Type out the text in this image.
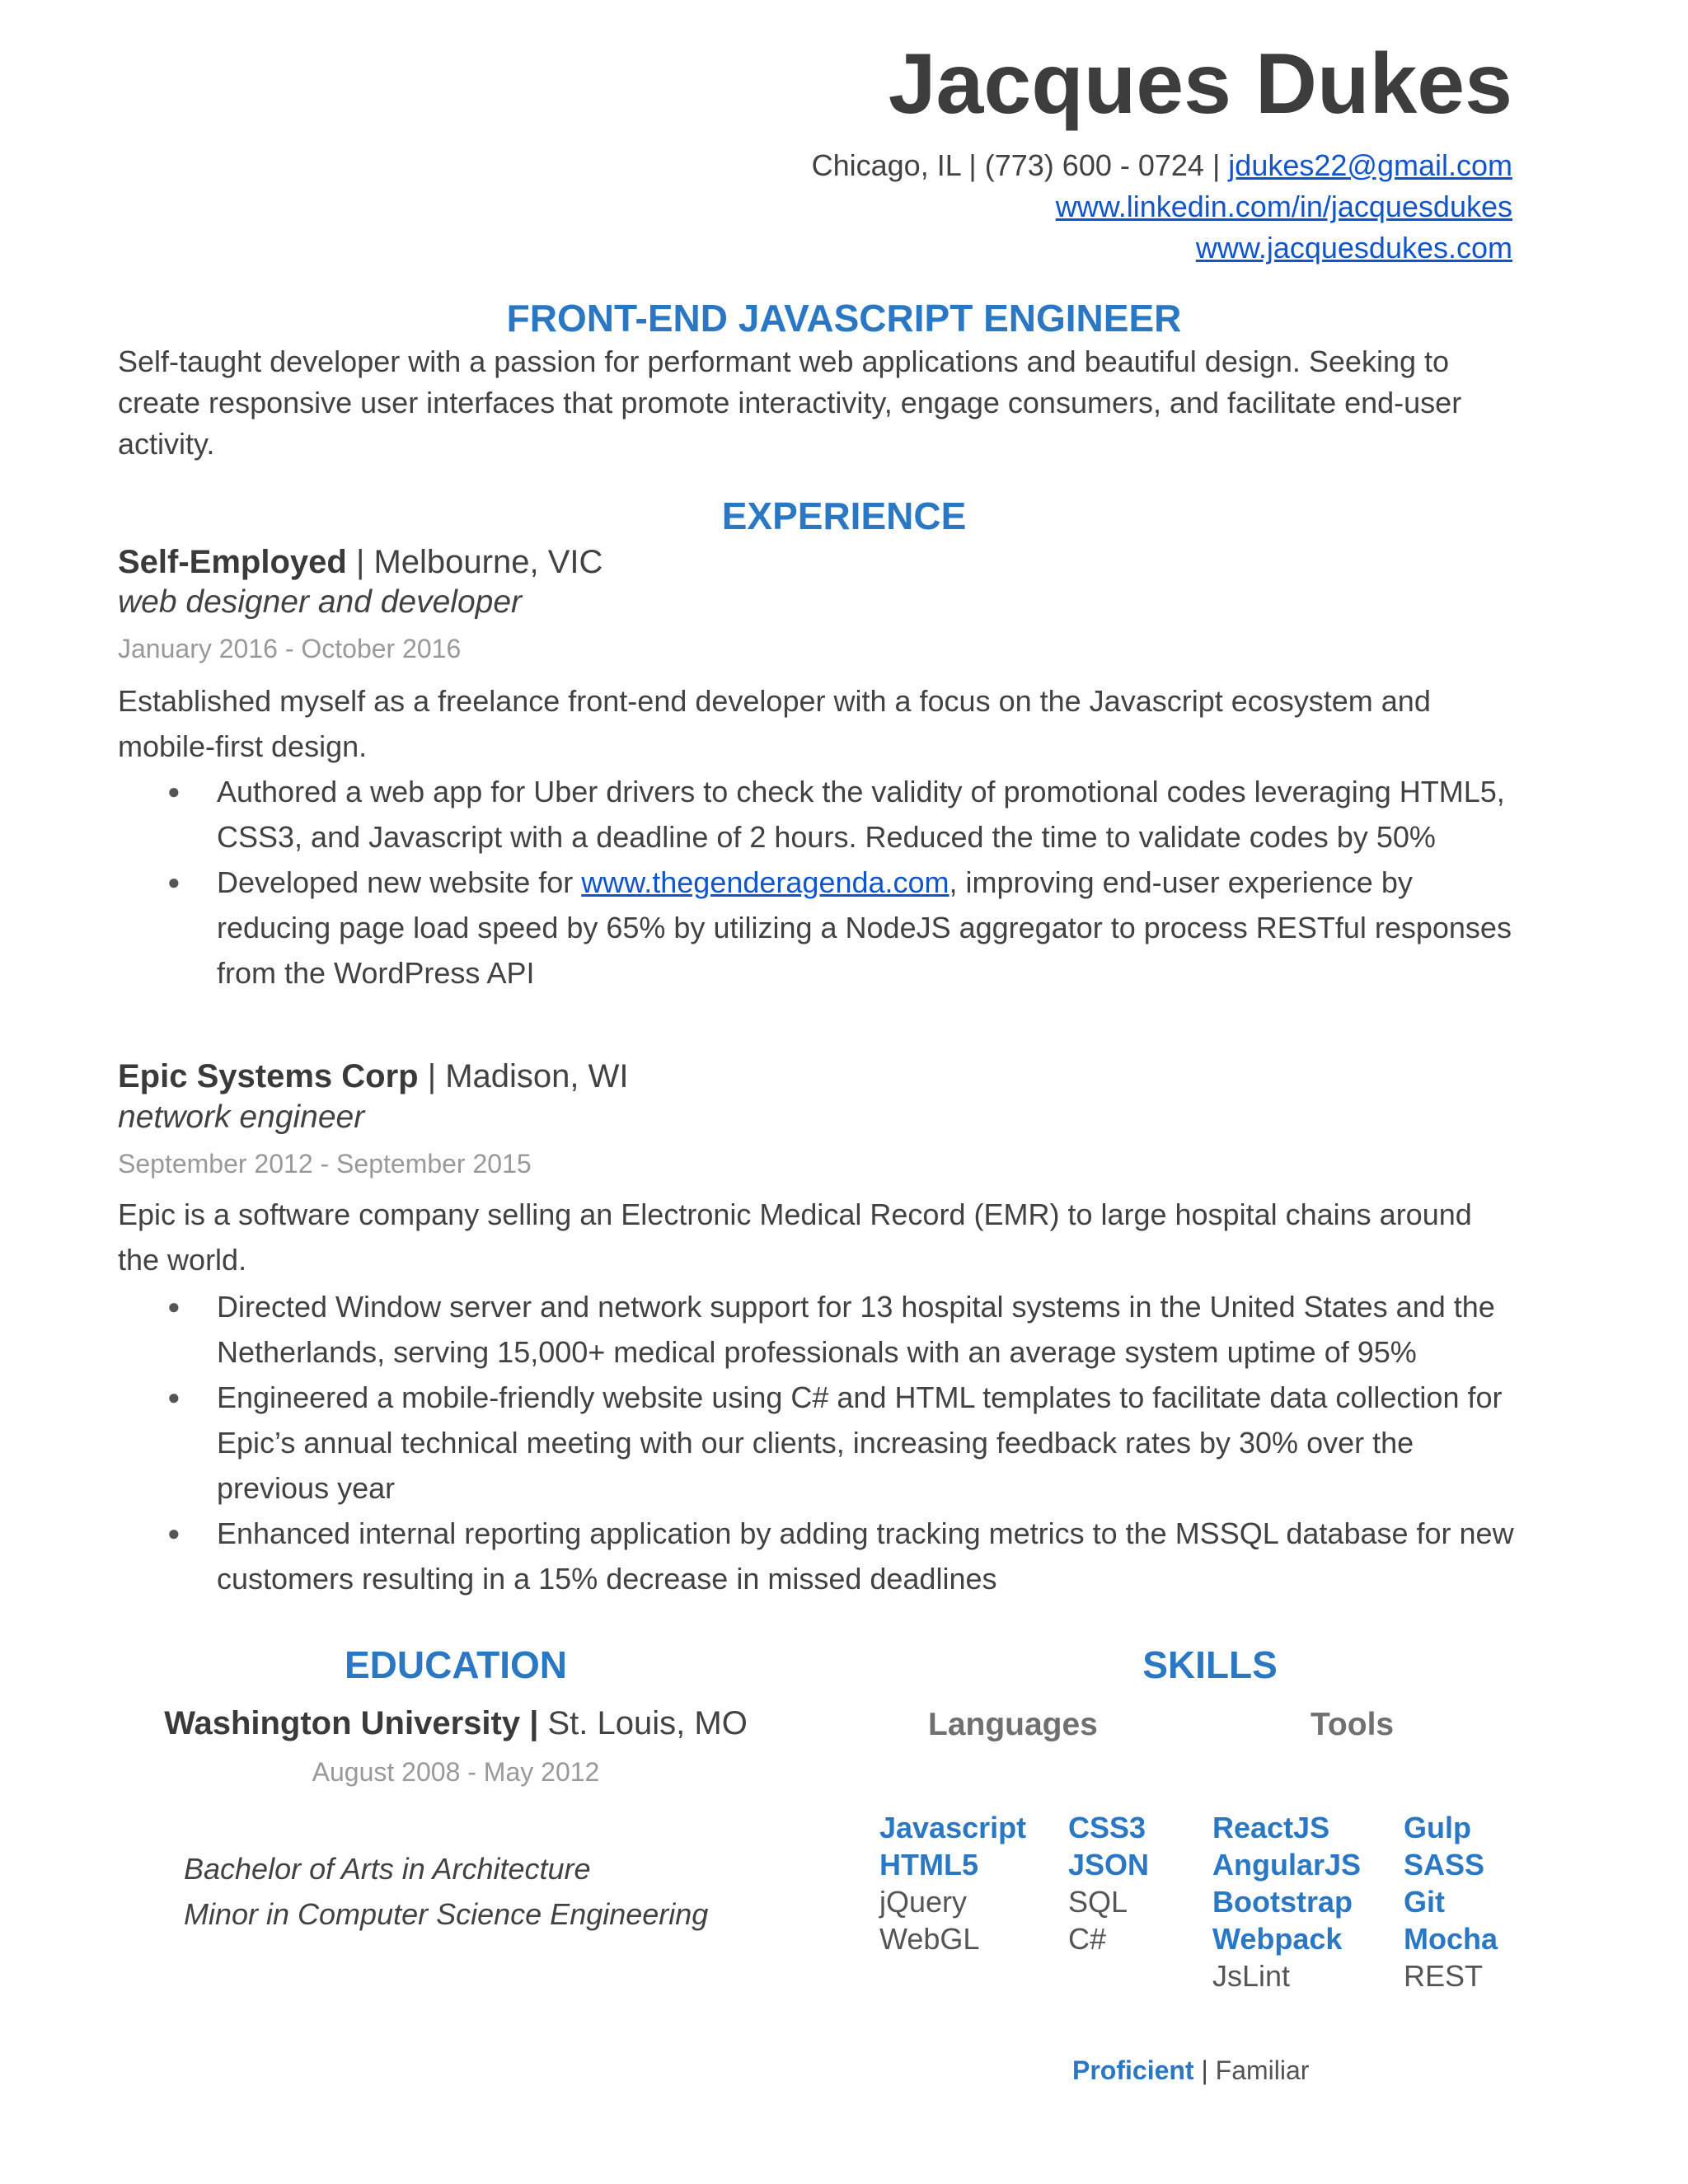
Jacques Dukes
Chicago, IL | (773) 600 - 0724 | jdukes22@gmail.com
www.linkedin.com/in/jacquesdukes
www.jacquesdukes.com
FRONT-END JAVASCRIPT ENGINEER
Self-taught developer with a passion for performant web applications and beautiful design. Seeking to create responsive user interfaces that promote interactivity, engage consumers, and facilitate end-user activity.
EXPERIENCE
Self-Employed | Melbourne, VIC
web designer and developer
January 2016 - October 2016
Established myself as a freelance front-end developer with a focus on the Javascript ecosystem and mobile-first design.
● Authored a web app for Uber drivers to check the validity of promotional codes leveraging HTML5, CSS3, and Javascript with a deadline of 2 hours. Reduced the time to validate codes by 50%
● Developed new website for www.thegenderagenda.com, improving end-user experience by reducing page load speed by 65% by utilizing a NodeJS aggregator to process RESTful responses from the WordPress API
Epic Systems Corp | Madison, WI
network engineer
September 2012 - September 2015
Epic is a software company selling an Electronic Medical Record (EMR) to large hospital chains around the world.
● Directed Window server and network support for 13 hospital systems in the United States and the Netherlands, serving 15,000+ medical professionals with an average system uptime of 95%
● Engineered a mobile-friendly website using C# and HTML templates to facilitate data collection for Epic’s annual technical meeting with our clients, increasing feedback rates by 30% over the previous year
● Enhanced internal reporting application by adding tracking metrics to the MSSQL database for new customers resulting in a 15% decrease in missed deadlines
EDUCATION
Washington University | St. Louis, MO
August 2008 - May 2012
Bachelor of Arts in Architecture
Minor in Computer Science Engineering
SKILLS
Languages	Tools
Javascript
HTML5
jQuery
WebGL
CSS3
JSON
SQL
C#
ReactJS
AngularJS
Bootstrap
Webpack
JsLint
Gulp
SASS
Git
Mocha
REST
Proficient | Familiar
